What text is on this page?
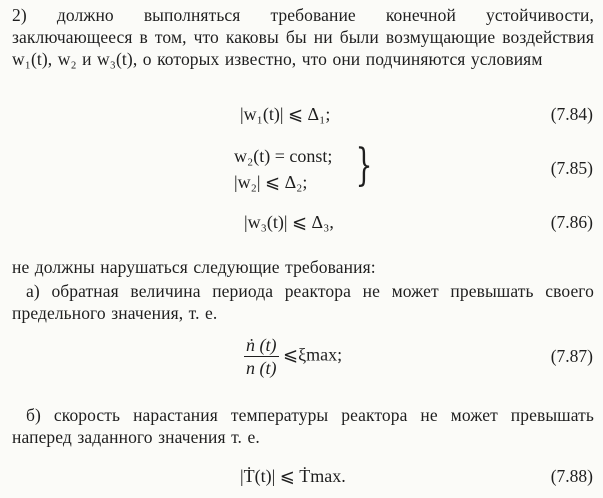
2) должно выполняться требование конечной устойчивости, заключающееся в том, что каковы бы ни были возмущающие воздействия w₁(t), w₂ и w₃(t), о которых известно, что они подчиняются условиям
|w₁(t)| ⩽ Δ₁;	(7.84)
w₂(t) = const;
|w₂| ⩽ Δ₂; }	(7.85)
|w₃(t)| ⩽ Δ₃,	(7.86)
не должны нарушаться следующие требования:
а) обратная величина периода реактора не может превышать своего предельного значения, т. е.
$\frac{\text{ṅ (t)}}{n (t)}$ ⩽ξmax;	(7.87)
б) скорость нарастания температуры реактора не может превышать наперед заданного значения т. е.
|Ṫ(t)| ⩽ Ṫmax.	(7.88)
